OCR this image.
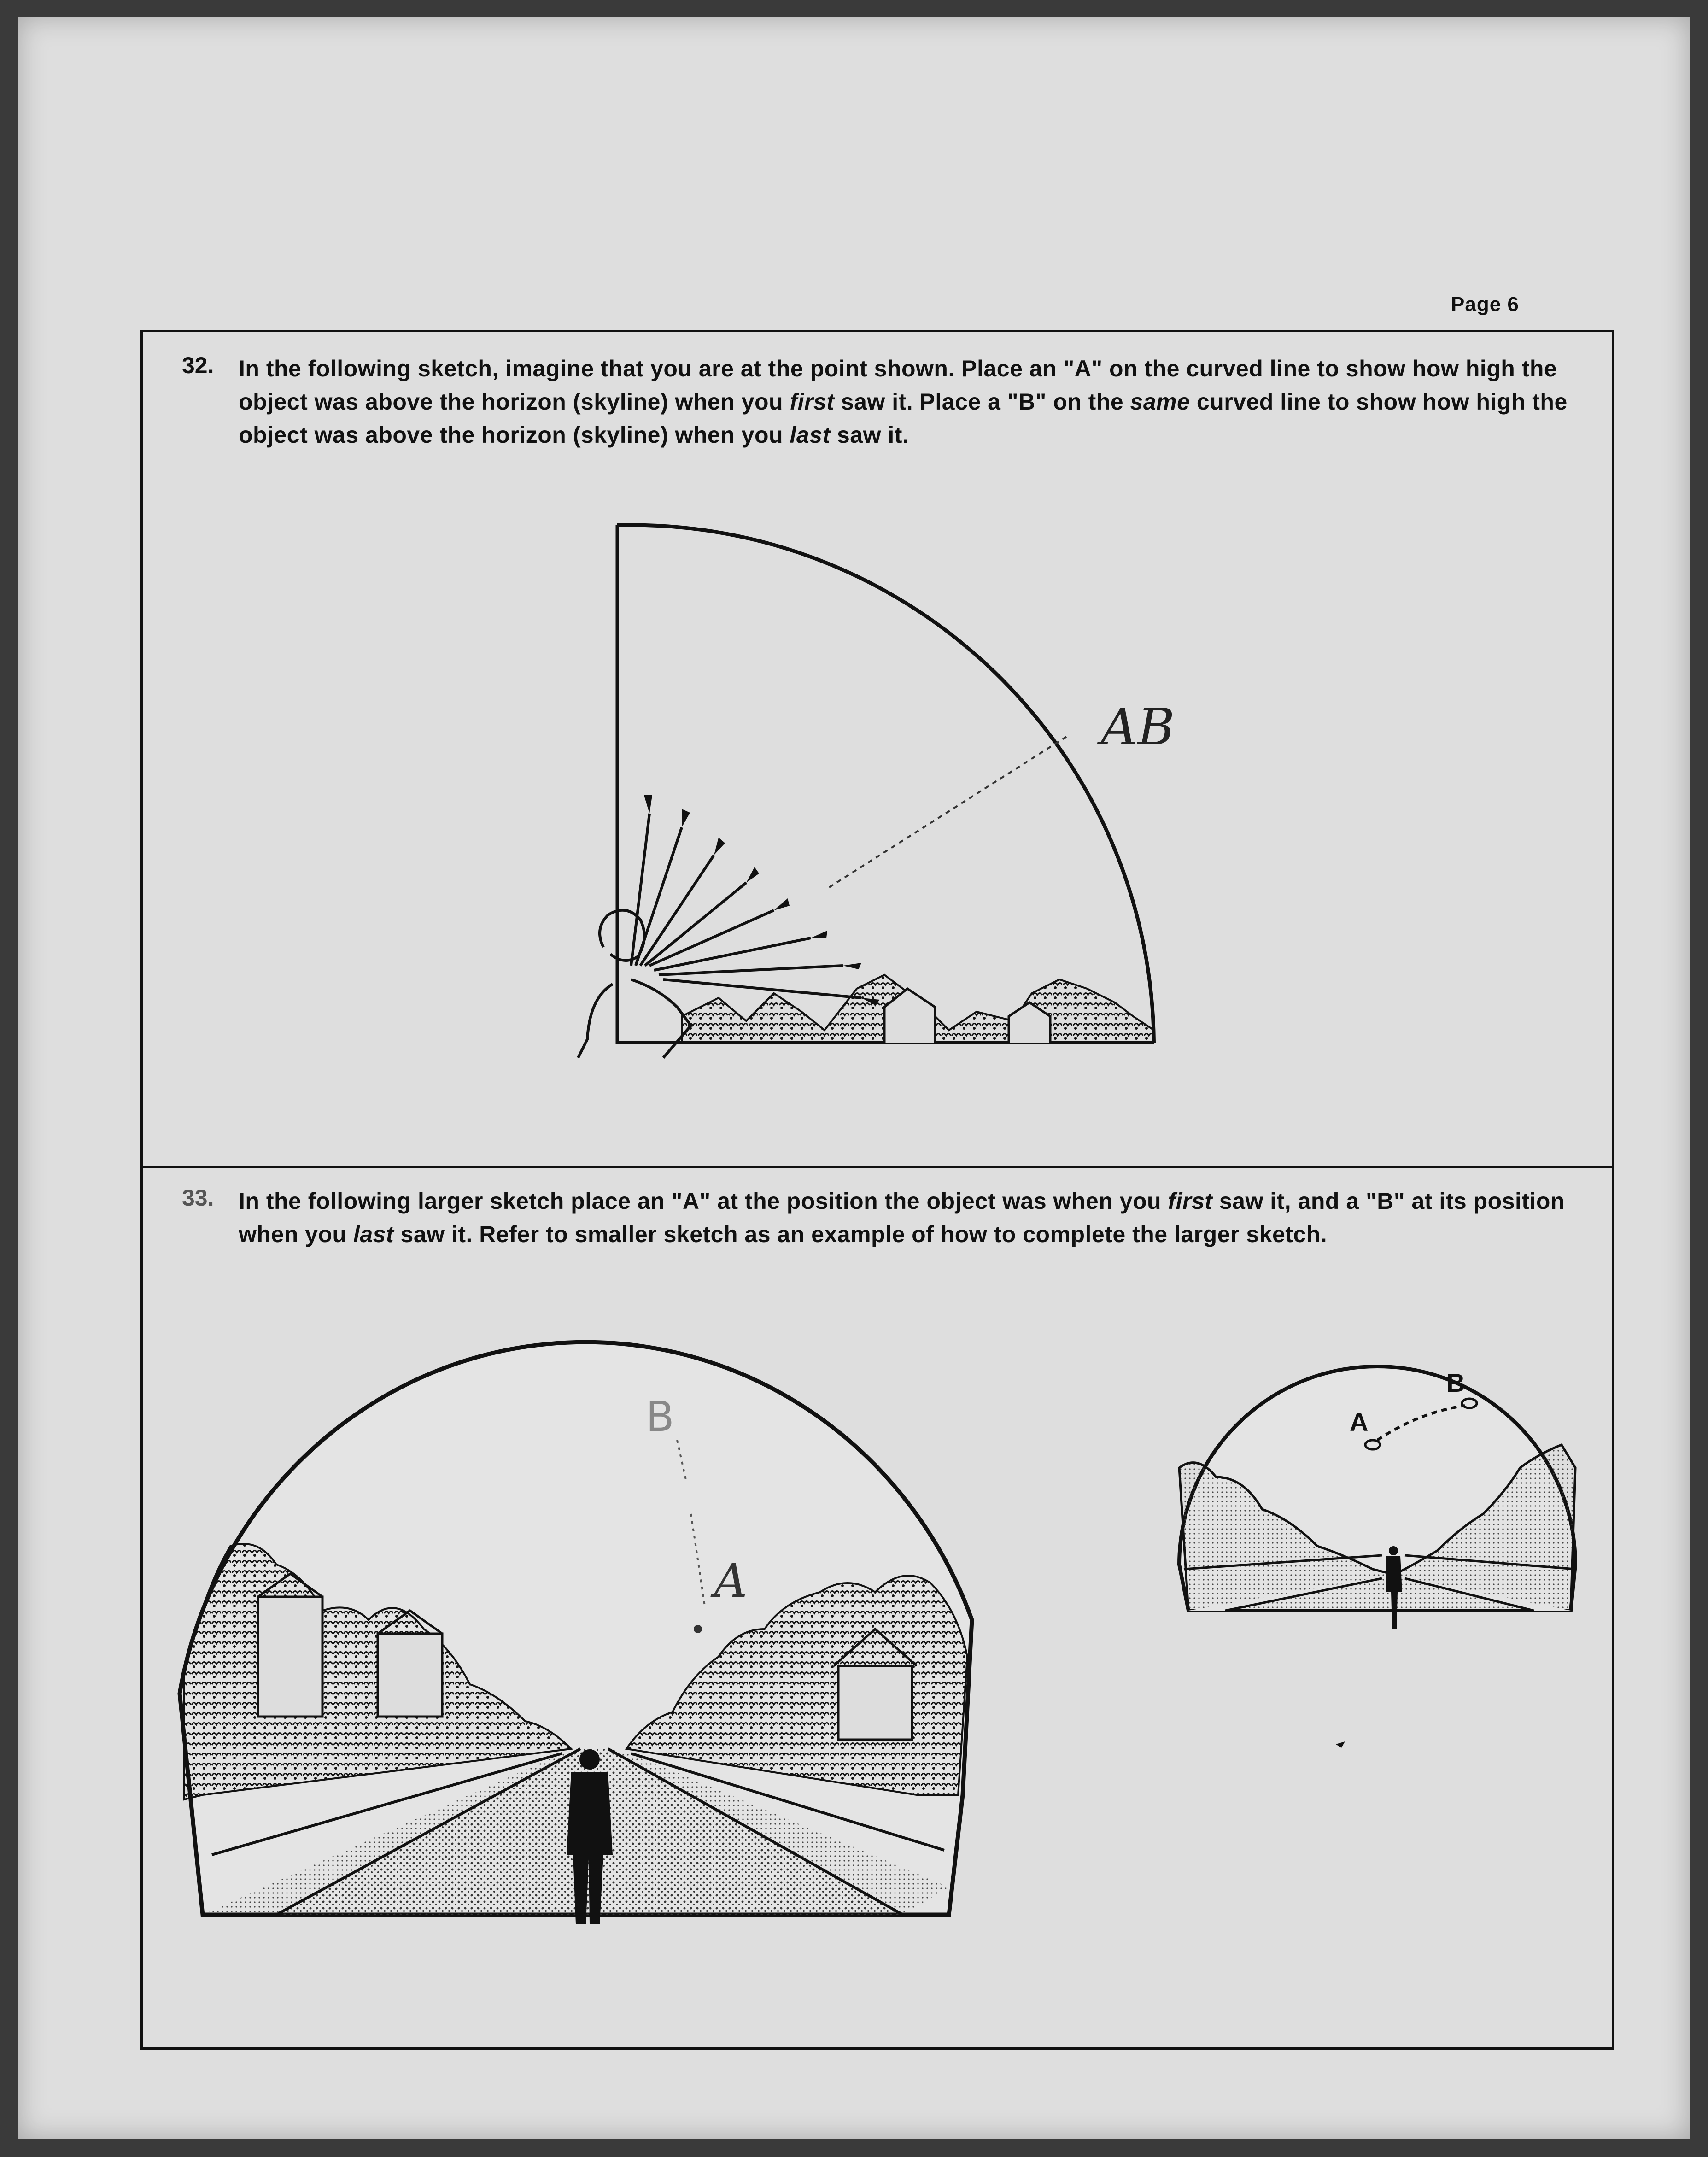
Page 6
32. In the following sketch, imagine that you are at the point shown. Place an "A" on the curved line to show how high the object was above the horizon (skyline) when you first saw it. Place a "B" on the same curved line to show how high the object was above the horizon (skyline) when you last saw it.
33. In the following larger sketch place an "A" at the position the object was when you first saw it, and a "B" at its position when you last saw it. Refer to smaller sketch as an example of how to complete the larger sketch.
AB
B
A
A
B
